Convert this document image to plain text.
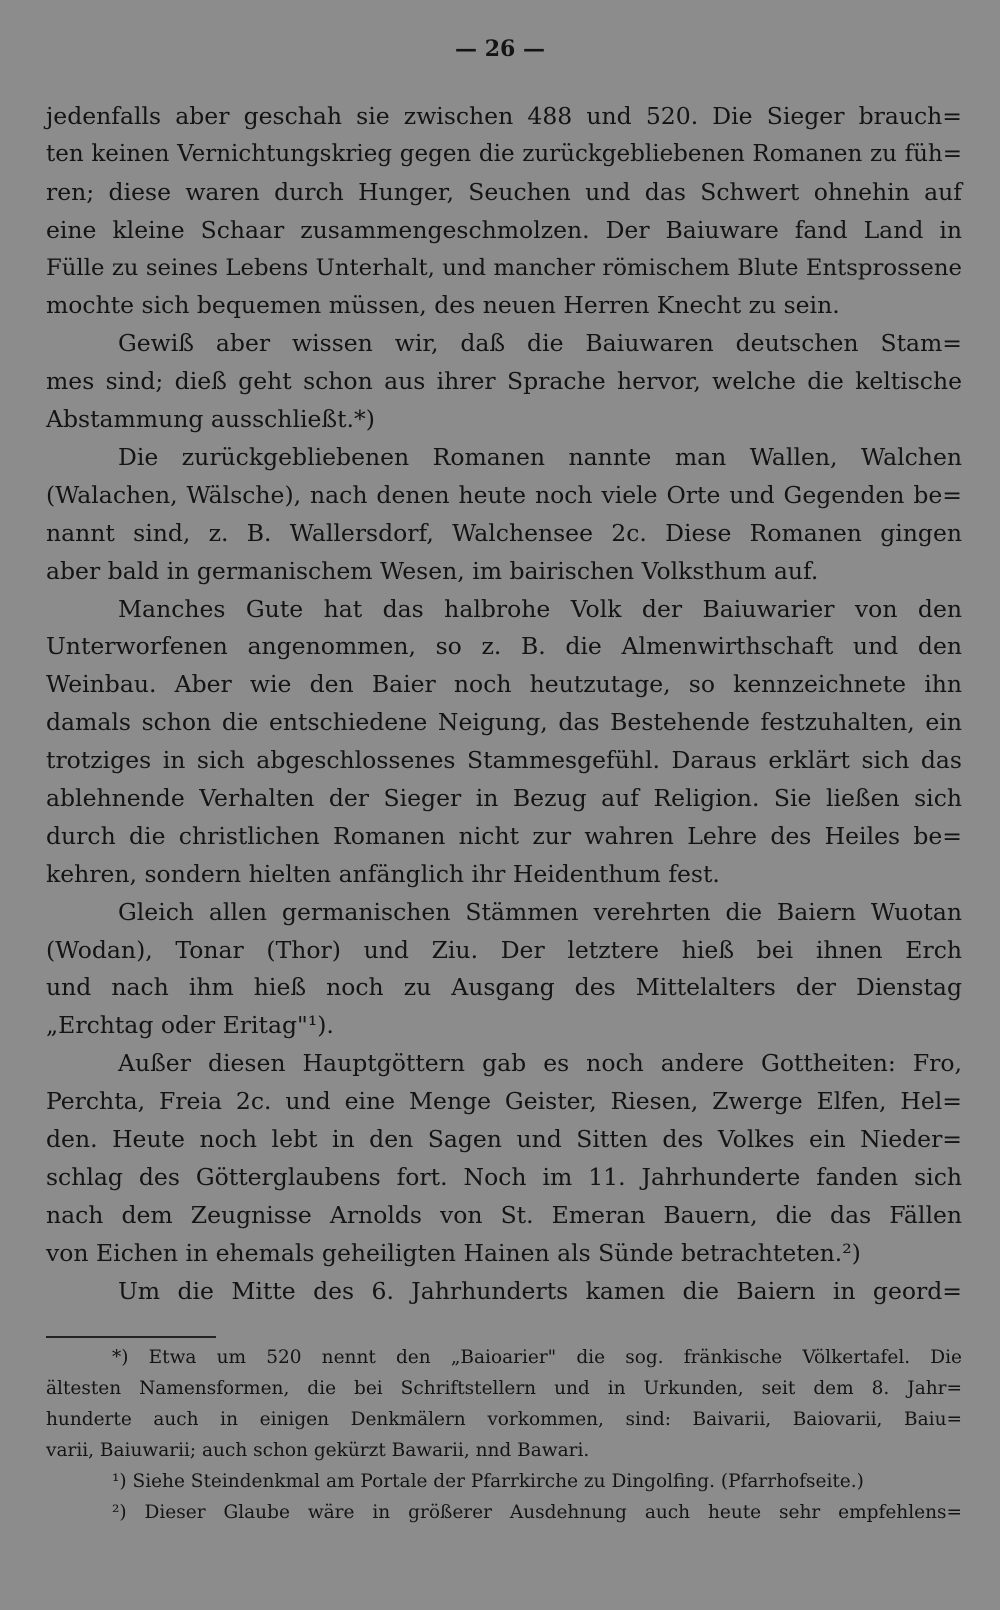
— 26 —
jedenfalls aber geschah sie zwischen 488 und 520. Die Sieger brauch=
ten keinen Vernichtungskrieg gegen die zurückgebliebenen Romanen zu füh=
ren; diese waren durch Hunger, Seuchen und das Schwert ohnehin auf
eine kleine Schaar zusammengeschmolzen. Der Baiuware fand Land in
Fülle zu seines Lebens Unterhalt, und mancher römischem Blute Entsprossene
mochte sich bequemen müssen, des neuen Herren Knecht zu sein.
Gewiß aber wissen wir, daß die Baiuwaren deutschen Stam=
mes sind; dieß geht schon aus ihrer Sprache hervor, welche die keltische
Abstammung ausschließt.*)
Die zurückgebliebenen Romanen nannte man Wallen, Walchen
(Walachen, Wälsche), nach denen heute noch viele Orte und Gegenden be=
nannt sind, z. B. Wallersdorf, Walchensee 2c. Diese Romanen gingen
aber bald in germanischem Wesen, im bairischen Volksthum auf.
Manches Gute hat das halbrohe Volk der Baiuwarier von den
Unterworfenen angenommen, so z. B. die Almenwirthschaft und den
Weinbau. Aber wie den Baier noch heutzutage, so kennzeichnete ihn
damals schon die entschiedene Neigung, das Bestehende festzuhalten, ein
trotziges in sich abgeschlossenes Stammesgefühl. Daraus erklärt sich das
ablehnende Verhalten der Sieger in Bezug auf Religion. Sie ließen sich
durch die christlichen Romanen nicht zur wahren Lehre des Heiles be=
kehren, sondern hielten anfänglich ihr Heidenthum fest.
Gleich allen germanischen Stämmen verehrten die Baiern Wuotan
(Wodan), Tonar (Thor) und Ziu. Der letztere hieß bei ihnen Erch
und nach ihm hieß noch zu Ausgang des Mittelalters der Dienstag
„Erchtag oder Eritag"¹).
Außer diesen Hauptgöttern gab es noch andere Gottheiten: Fro,
Perchta, Freia 2c. und eine Menge Geister, Riesen, Zwerge Elfen, Hel=
den. Heute noch lebt in den Sagen und Sitten des Volkes ein Nieder=
schlag des Götterglaubens fort. Noch im 11. Jahrhunderte fanden sich
nach dem Zeugnisse Arnolds von St. Emeran Bauern, die das Fällen
von Eichen in ehemals geheiligten Hainen als Sünde betrachteten.²)
Um die Mitte des 6. Jahrhunderts kamen die Baiern in geord=
*) Etwa um 520 nennt den „Baioarier" die sog. fränkische Völkertafel. Die
ältesten Namensformen, die bei Schriftstellern und in Urkunden, seit dem 8. Jahr=
hunderte auch in einigen Denkmälern vorkommen, sind: Baivarii, Baiovarii, Baiu=
varii, Baiuwarii; auch schon gekürzt Bawarii, nnd Bawari.
¹) Siehe Steindenkmal am Portale der Pfarrkirche zu Dingolfing. (Pfarrhofseite.)
²) Dieser Glaube wäre in größerer Ausdehnung auch heute sehr empfehlens=
